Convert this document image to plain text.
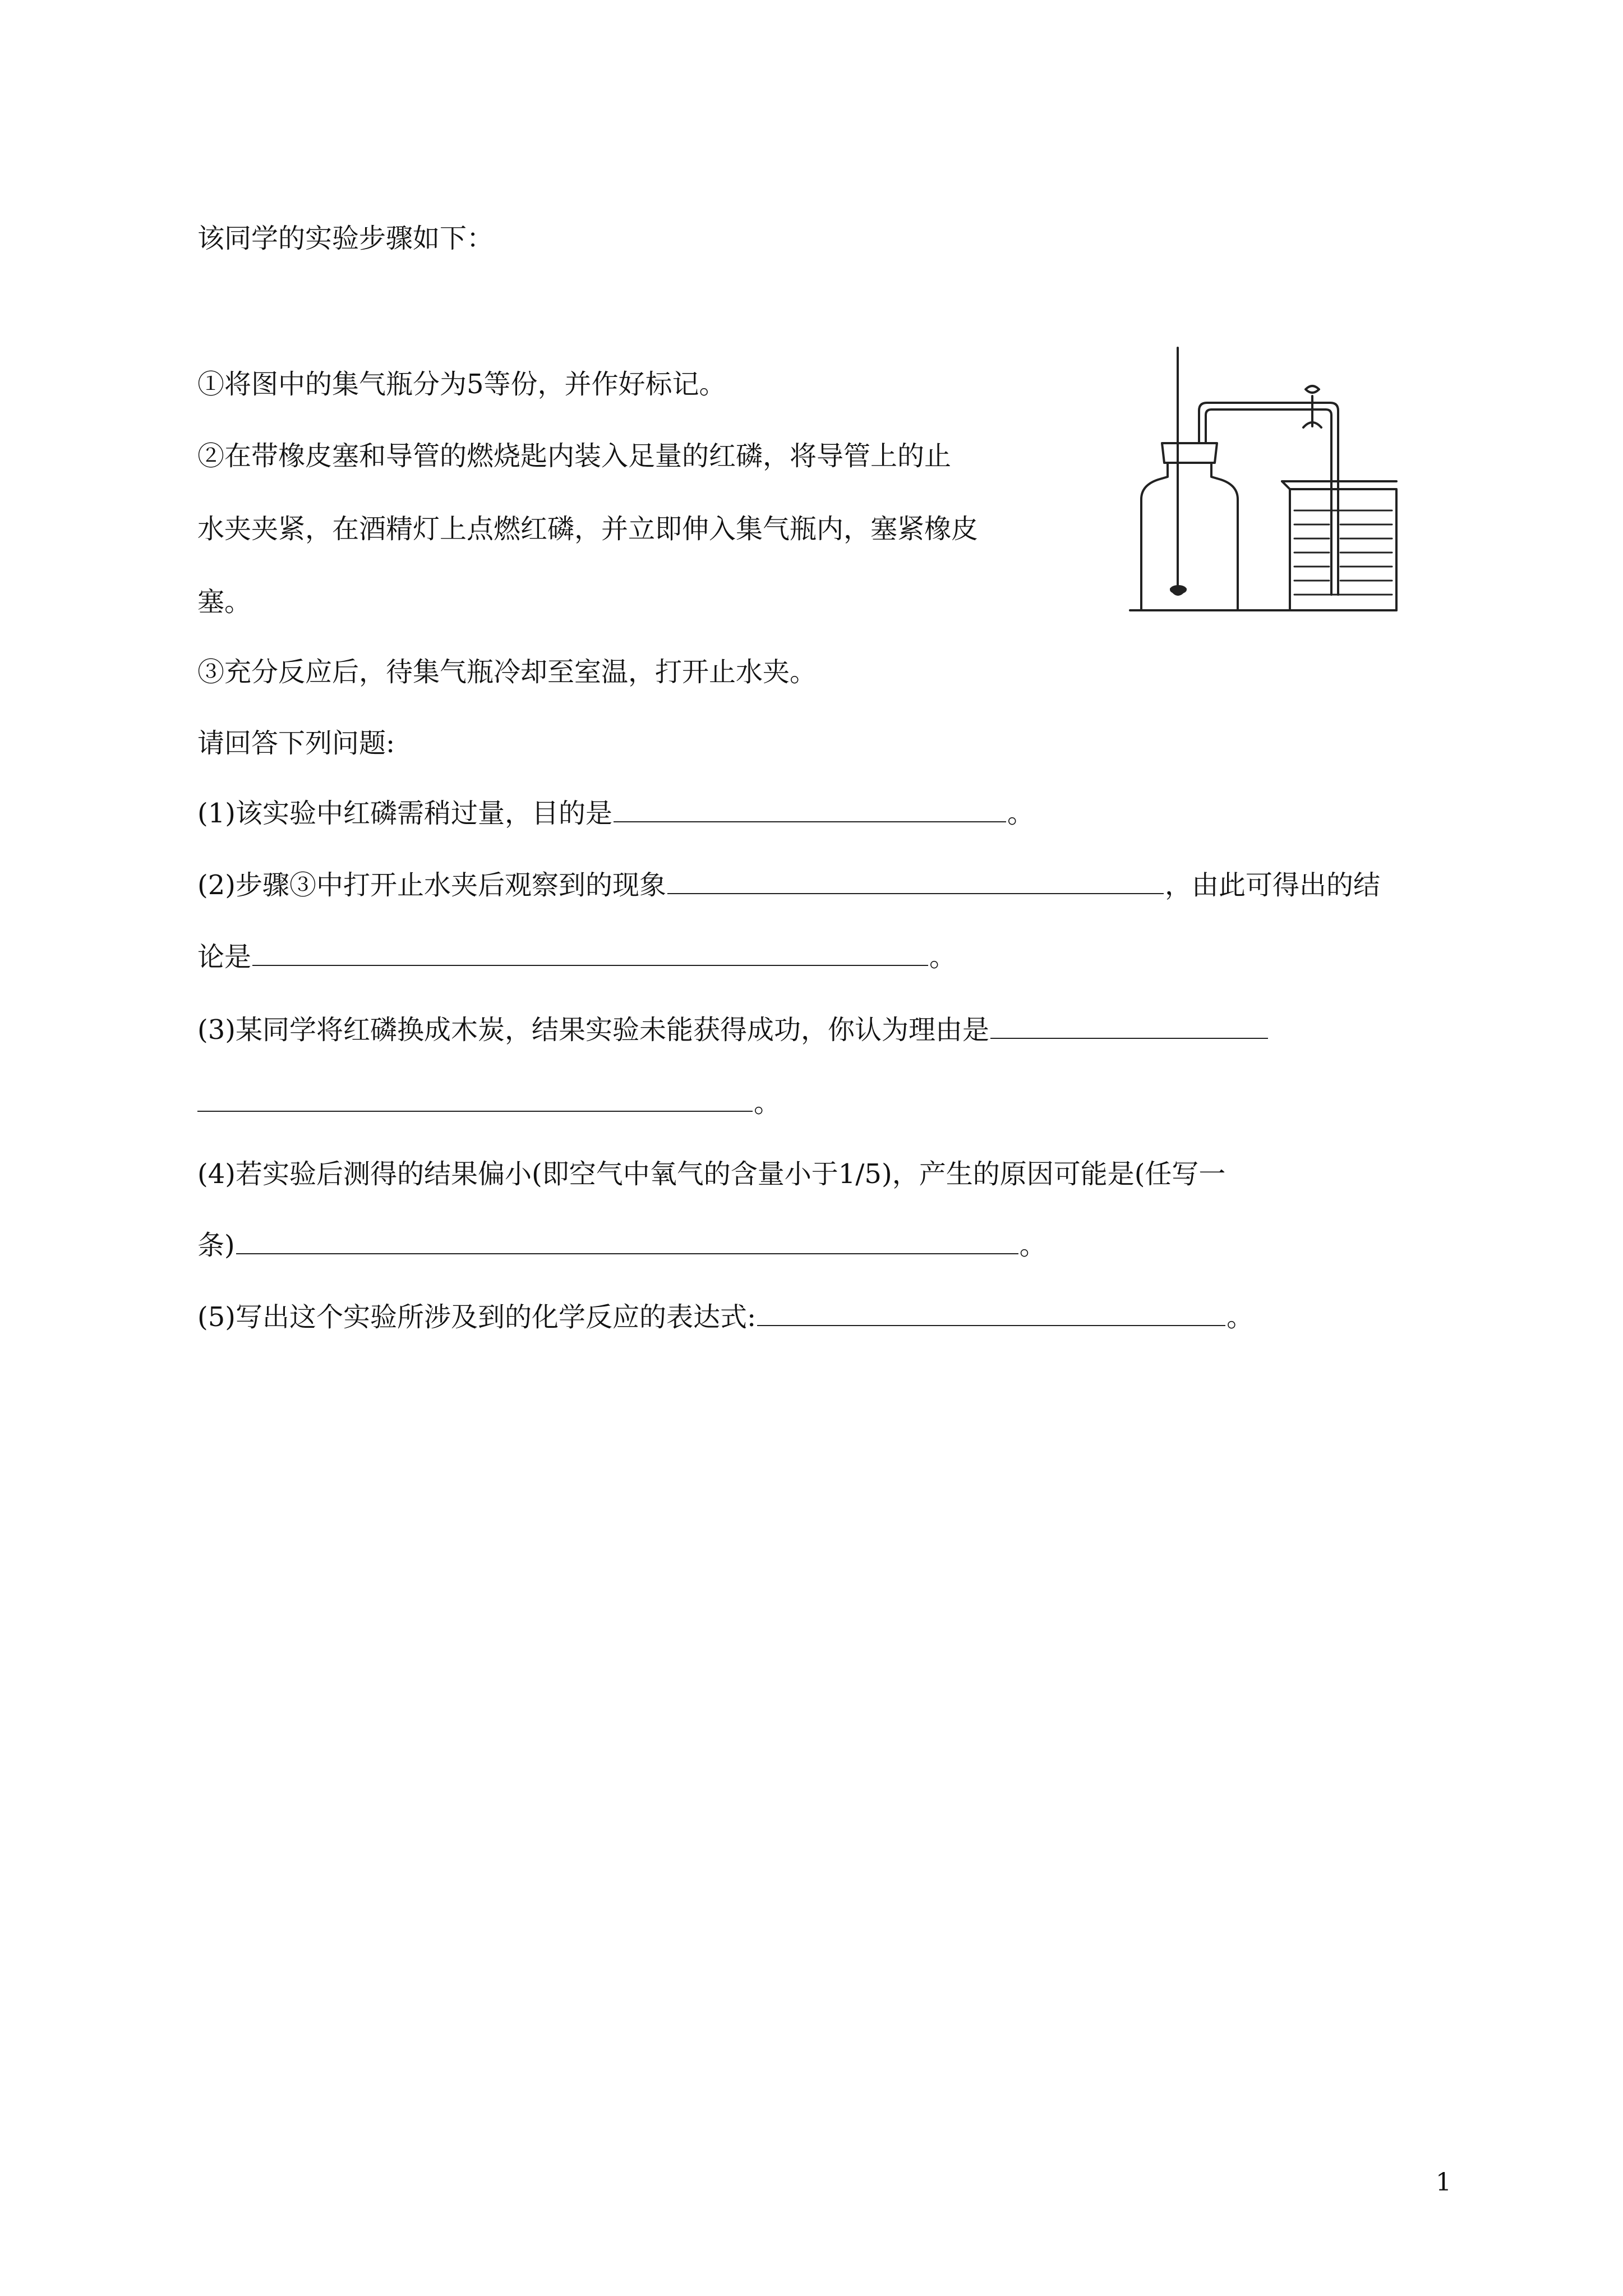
该同学的实验步骤如下：
①将图中的集气瓶分为5等份，并作好标记。
②在带橡皮塞和导管的燃烧匙内装入足量的红磷，将导管上的止
水夹夹紧，在酒精灯上点燃红磷，并立即伸入集气瓶内，塞紧橡皮
塞。
③充分反应后，待集气瓶冷却至室温，打开止水夹。
请回答下列问题:
(1)该实验中红磷需稍过量，目的是	。
(2)步骤③中打开止水夹后观察到的现象	，由此可得出的结
论是	。
(3)某同学将红磷换成木炭，结果实验未能获得成功，你认为理由是
。
(4)若实验后测得的结果偏小(即空气中氧气的含量小于1/5)，产生的原因可能是(任写一
条)	。
(5)写出这个实验所涉及到的化学反应的表达式:	。
1
